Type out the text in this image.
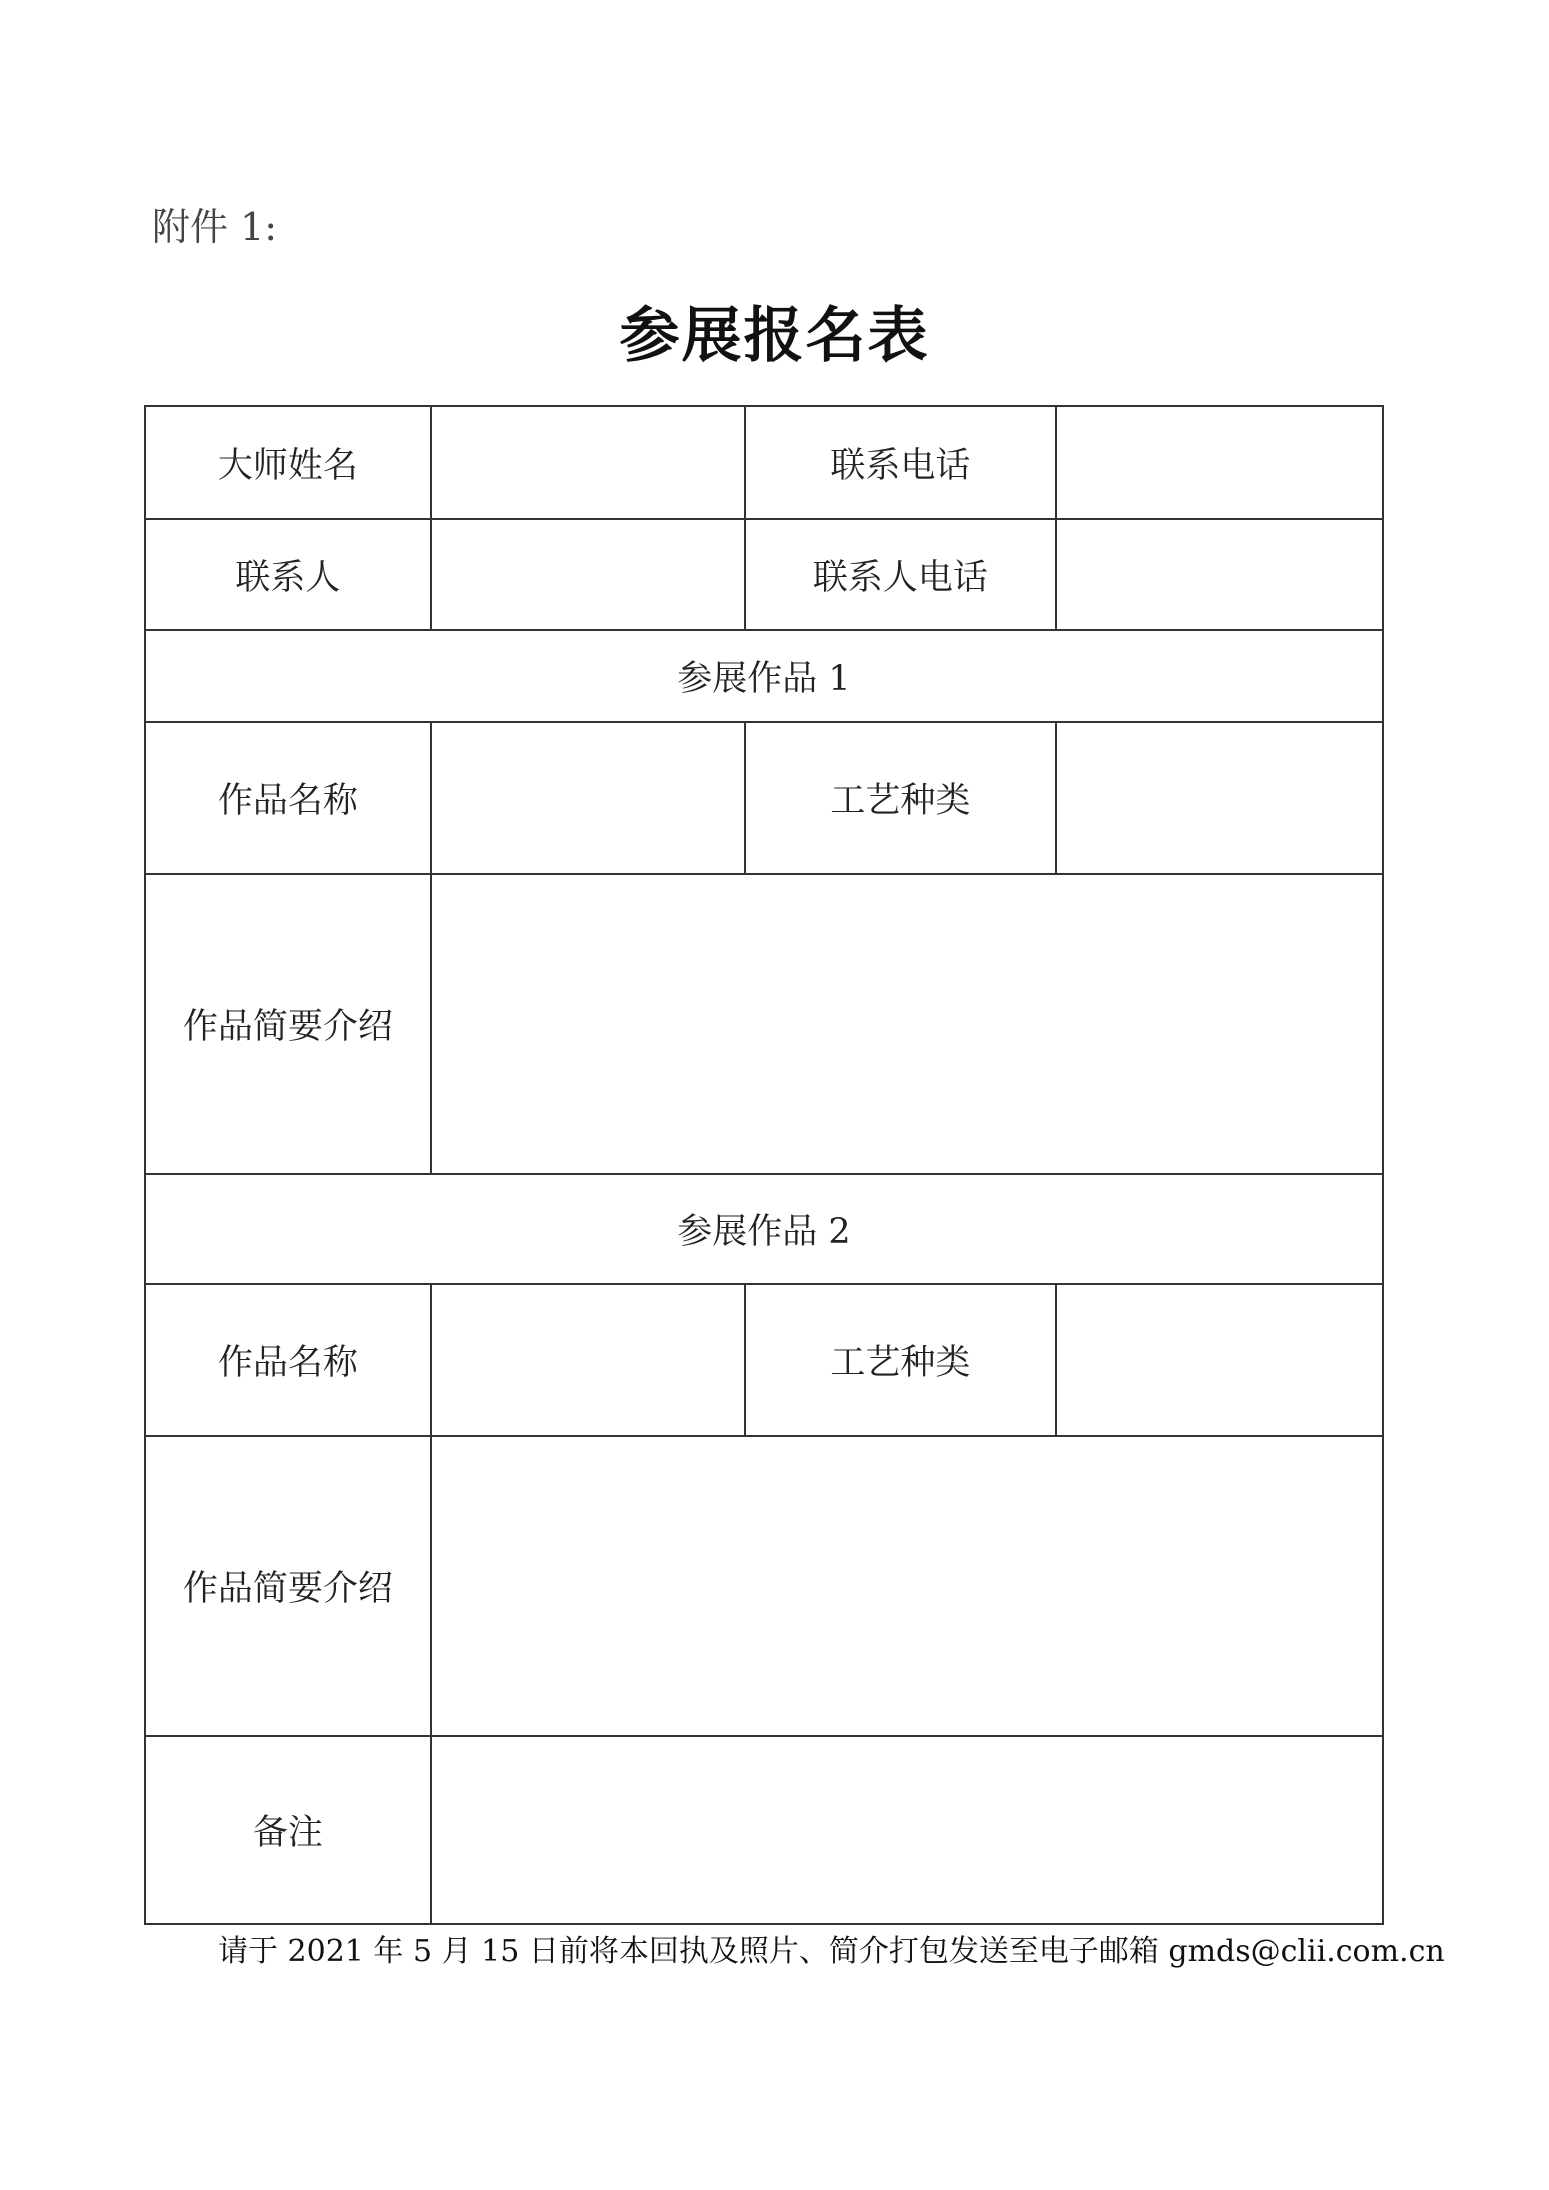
附件 1:
参展报名表
大师姓名		联系电话	
联系人		联系人电话	
参展作品 1			
作品名称		工艺种类	
作品简要介绍			
参展作品 2			
作品名称		工艺种类	
作品简要介绍			
备注			
请于 2021 年 5 月 15 日前将本回执及照片、简介打包发送至电子邮箱 gmds@clii.com.cn
